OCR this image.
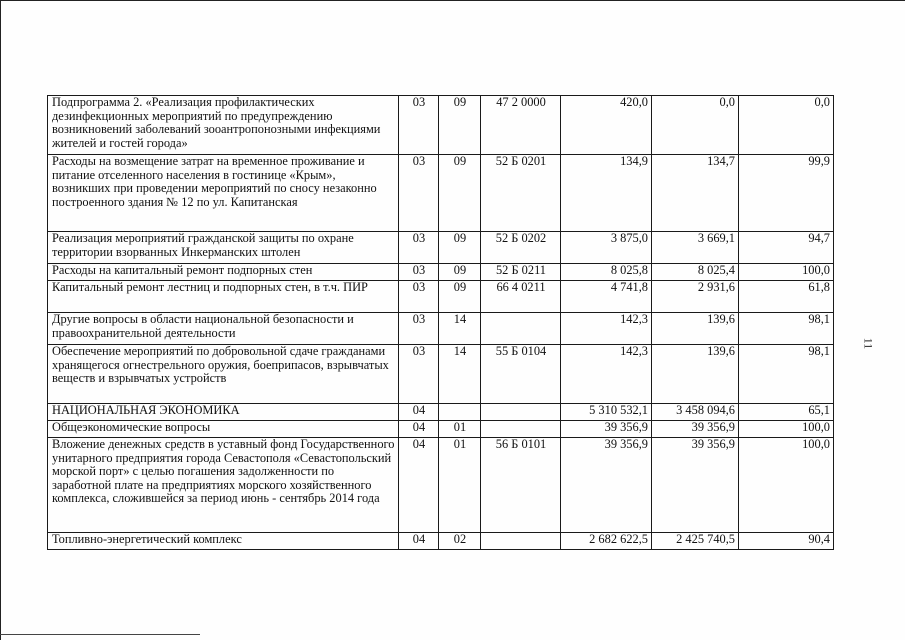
Подпрограмма 2. «Реализация профилактических дезинфекционных мероприятий по предупреждению возникновений заболеваний зооантропонозными инфекциями жителей и гостей города»	03	09	47 2 0000	420,0	0,0	0,0
Расходы на возмещение затрат на временное проживание и питание отселенного населения в гостинице «Крым», возникших при проведении мероприятий по сносу незаконно построенного здания № 12 по ул. Капитанская	03	09	52 Б 0201	134,9	134,7	99,9
Реализация мероприятий гражданской защиты по охране территории взорванных Инкерманских штолен	03	09	52 Б 0202	3 875,0	3 669,1	94,7
Расходы на капитальный ремонт подпорных стен	03	09	52 Б 0211	8 025,8	8 025,4	100,0
Капитальный ремонт лестниц и подпорных стен, в т.ч. ПИР	03	09	66 4 0211	4 741,8	2 931,6	61,8
Другие вопросы в области национальной безопасности и правоохранительной деятельности	03	14		142,3	139,6	98,1
Обеспечение мероприятий по добровольной сдаче гражданами хранящегося огнестрельного оружия, боеприпасов, взрывчатых веществ и взрывчатых устройств	03	14	55 Б 0104	142,3	139,6	98,1
НАЦИОНАЛЬНАЯ ЭКОНОМИКА	04			5 310 532,1	3 458 094,6	65,1
Общеэкономические вопросы	04	01		39 356,9	39 356,9	100,0
Вложение денежных средств в уставный фонд Государственного унитарного предприятия города Севастополя «Севастопольский морской порт» с целью погашения задолженности по заработной плате на предприятиях морского хозяйственного комплекса, сложившейся за период июнь - сентябрь 2014 года	04	01	56 Б 0101	39 356,9	39 356,9	100,0
Топливно-энергетический комплекс	04	02		2 682 622,5	2 425 740,5	90,4
11
